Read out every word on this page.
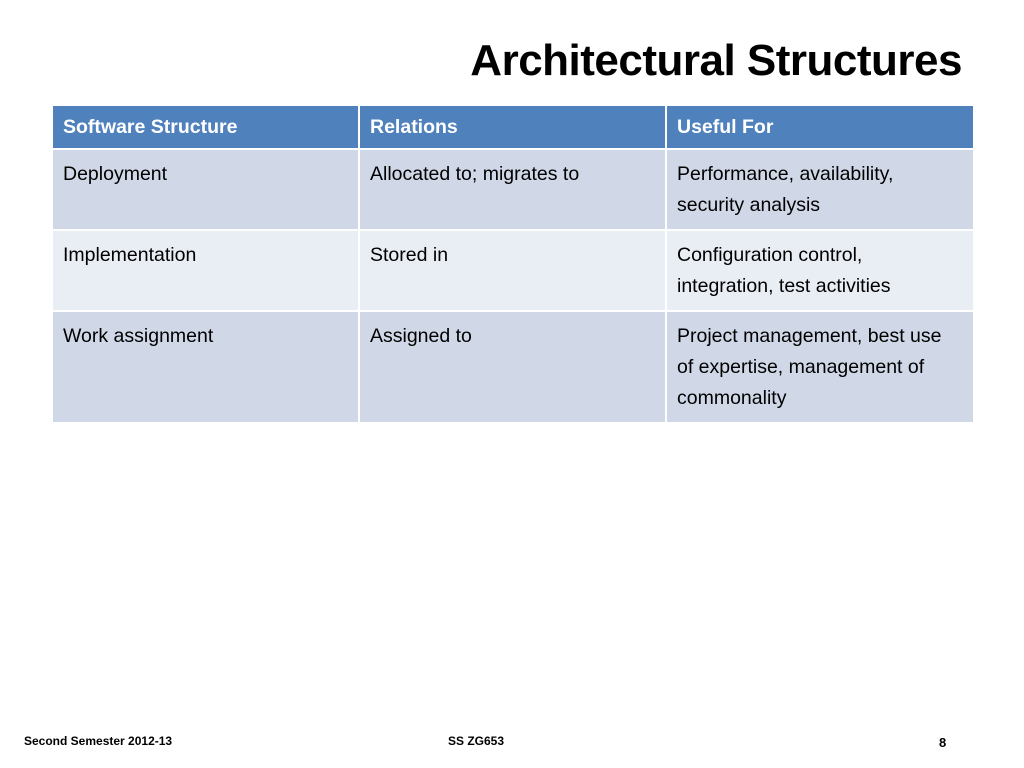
Architectural Structures
Software Structure	Relations	Useful For
Deployment	Allocated to; migrates to	Performance, availability, security analysis
Implementation	Stored in	Configuration control, integration, test activities
Work assignment	Assigned to	Project management, best use of expertise, management of commonality
Second Semester 2012-13	SS ZG653	8
